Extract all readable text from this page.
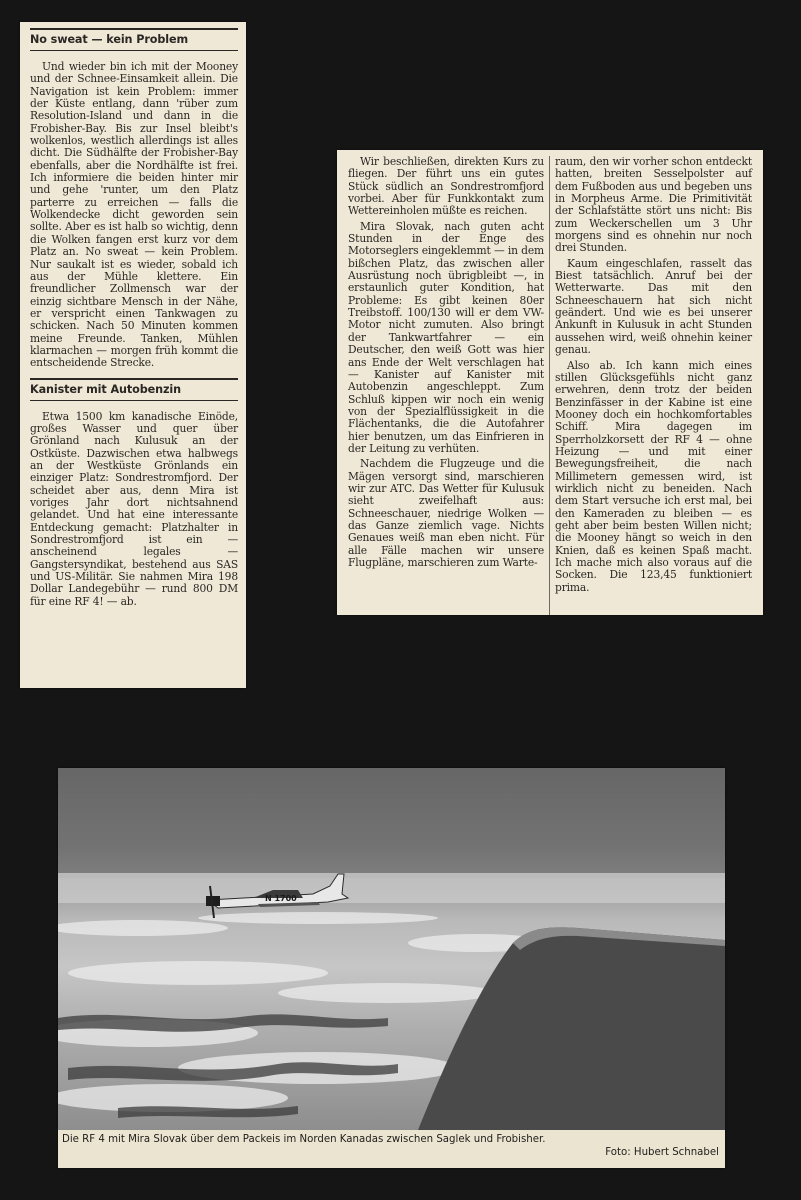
No sweat — kein Problem

Und wieder bin ich mit der Mooney und der Schnee-Einsamkeit allein. Die Navigation ist kein Problem: immer der Küste entlang, dann 'rüber zum Resolution-Island und dann in die Frobisher-Bay. Bis zur Insel bleibt's wolkenlos, westlich allerdings ist alles dicht. Die Südhälfte der Frobisher-Bay ebenfalls, aber die Nordhälfte ist frei. Ich informiere die beiden hinter mir und gehe 'runter, um den Platz parterre zu erreichen — falls die Wolkendecke dicht geworden sein sollte. Aber es ist halb so wichtig, denn die Wolken fangen erst kurz vor dem Platz an. No sweat — kein Problem. Nur saukalt ist es wieder, sobald ich aus der Mühle klettere. Ein freundlicher Zollmensch war der einzig sichtbare Mensch in der Nähe, er verspricht einen Tankwagen zu schicken. Nach 50 Minuten kommen meine Freunde. Tanken, Mühlen klarmachen — morgen früh kommt die entscheidende Strecke.

Kanister mit Autobenzin

Etwa 1500 km kanadische Einöde, großes Wasser und quer über Grönland nach Kulusuk an der Ostküste. Dazwischen etwa halbwegs an der Westküste Grönlands ein einziger Platz: Sondrestromfjord. Der scheidet aber aus, denn Mira ist voriges Jahr dort nichtsahnend gelandet. Und hat eine interessante Entdeckung gemacht: Platzhalter in Sondrestromfjord ist ein — anscheinend legales — Gangstersyndikat, bestehend aus SAS und US-Militär. Sie nahmen Mira 198 Dollar Landegebühr — rund 800 DM für eine RF 4! — ab.

Wir beschließen, direkten Kurs zu fliegen. Der führt uns ein gutes Stück südlich an Sondrestromfjord vorbei. Aber für Funkkontakt zum Wettereinholen müßte es reichen.

Mira Slovak, nach guten acht Stunden in der Enge des Motorseglers eingeklemmt — in dem bißchen Platz, das zwischen aller Ausrüstung noch übrigbleibt —, in erstaunlich guter Kondition, hat Probleme: Es gibt keinen 80er Treibstoff. 100/130 will er dem VW-Motor nicht zumuten. Also bringt der Tankwartfahrer — ein Deutscher, den weiß Gott was hier ans Ende der Welt verschlagen hat — Kanister auf Kanister mit Autobenzin angeschleppt. Zum Schluß kippen wir noch ein wenig von der Spezialflüssigkeit in die Flächentanks, die die Autofahrer hier benutzen, um das Einfrieren in der Leitung zu verhüten.

Nachdem die Flugzeuge und die Mägen versorgt sind, marschieren wir zur ATC. Das Wetter für Kulusuk sieht zweifelhaft aus: Schneeschauer, niedrige Wolken — das Ganze ziemlich vage. Nichts Genaues weiß man eben nicht. Für alle Fälle machen wir unsere Flugpläne, marschieren zum Warte-

raum, den wir vorher schon entdeckt hatten, breiten Sesselpolster auf dem Fußboden aus und begeben uns in Morpheus Arme. Die Primitivität der Schlafstätte stört uns nicht: Bis zum Weckerschellen um 3 Uhr morgens sind es ohnehin nur noch drei Stunden.

Kaum eingeschlafen, rasselt das Biest tatsächlich. Anruf bei der Wetterwarte. Das mit den Schneeschauern hat sich nicht geändert. Und wie es bei unserer Ankunft in Kulusuk in acht Stunden aussehen wird, weiß ohnehin keiner genau.

Also ab. Ich kann mich eines stillen Glücksgefühls nicht ganz erwehren, denn trotz der beiden Benzinfässer in der Kabine ist eine Mooney doch ein hochkomfortables Schiff. Mira dagegen im Sperrholzkorsett der RF 4 — ohne Heizung — und mit einer Bewegungsfreiheit, die nach Millimetern gemessen wird, ist wirklich nicht zu beneiden. Nach dem Start versuche ich erst mal, bei den Kameraden zu bleiben — es geht aber beim besten Willen nicht; die Mooney hängt so weich in den Knien, daß es keinen Spaß macht. Ich mache mich also voraus auf die Socken. Die 123,45 funktioniert prima.

N 1700
Die RF 4 mit Mira Slovak über dem Packeis im Norden Kanadas zwischen Saglek und Frobisher.
Foto: Hubert Schnabel
